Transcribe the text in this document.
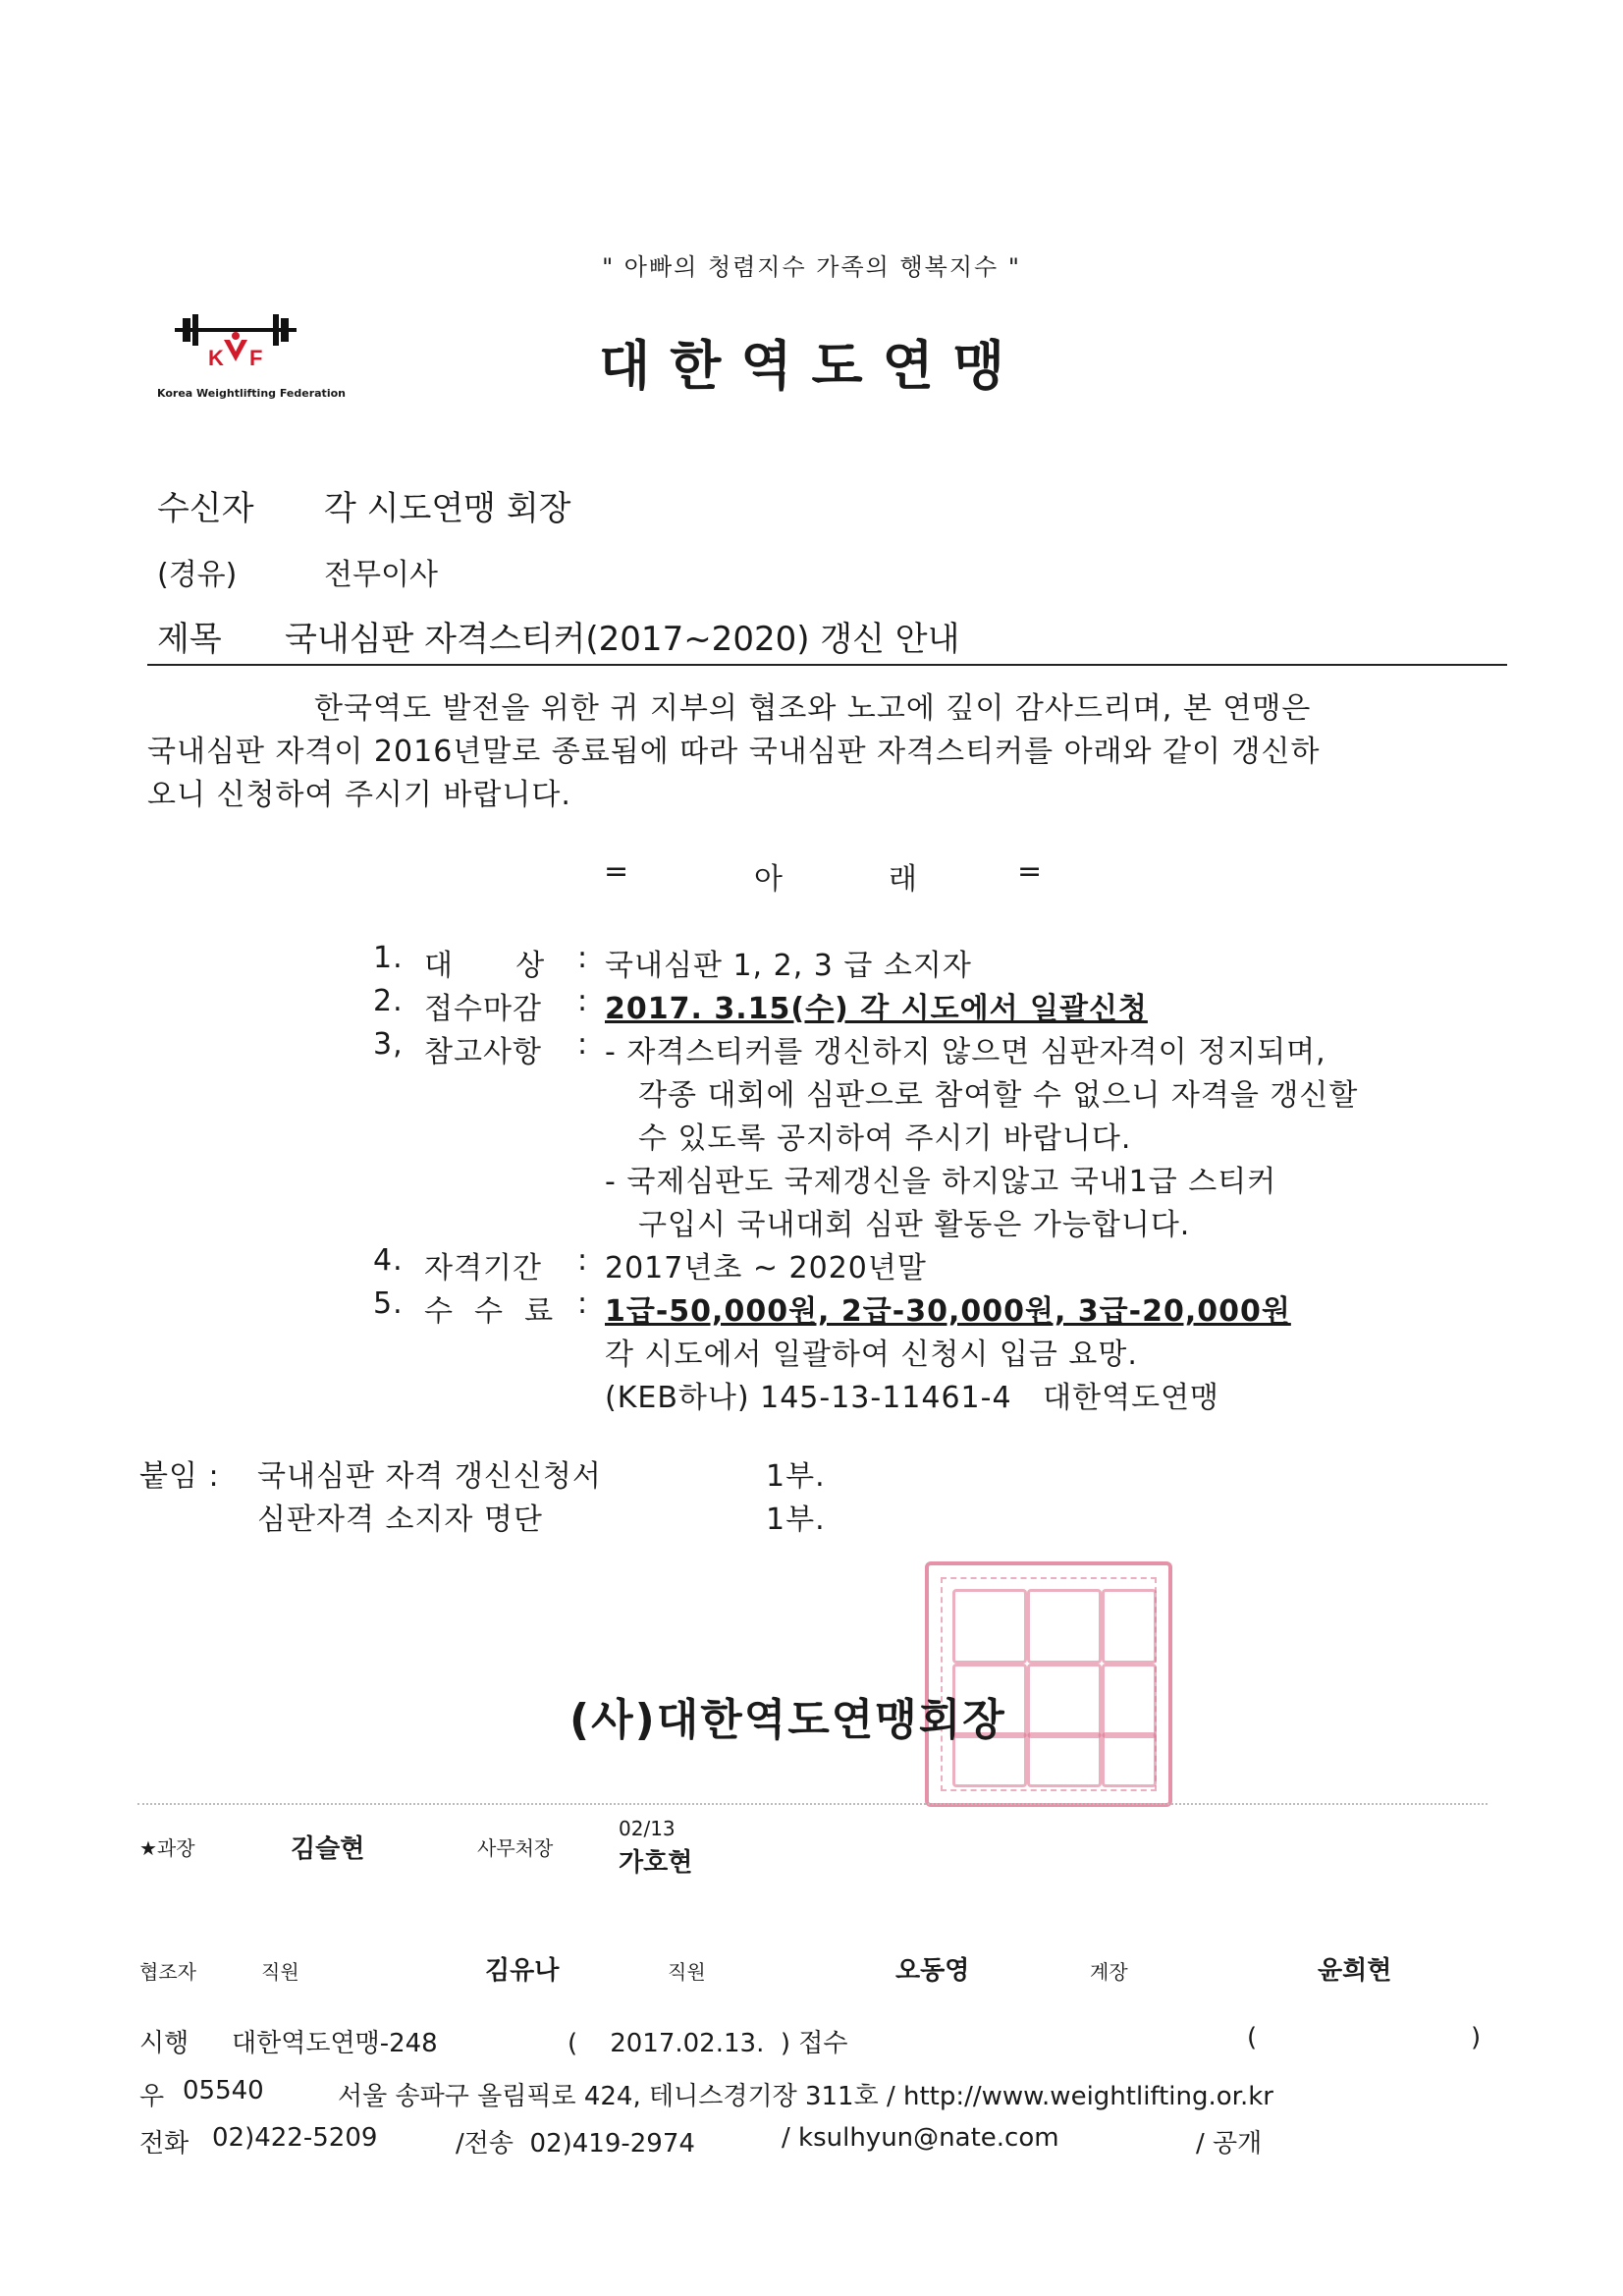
" 아빠의 청렴지수 가족의 행복지수 "
K F
Korea Weightlifting Federation	대한역도연맹
수신자 각 시도연맹 회장
(경유)	전무이사
제목 국내심판 자격스티커(2017~2020) 갱신 안내
한국역도 발전을 위한 귀 지부의 협조와 노고에 깊이 감사드리며, 본 연맹은
국내심판 자격이 2016년말로 종료됨에 따라 국내심판 자격스티커를 아래와 같이 갱신하
오니 신청하여 주시기 바랍니다.
=	아	래	=
1. 대      상 : 국내심판 1, 2, 3 급 소지자
2. 접수마감 : 2017. 3.15(수) 각 시도에서 일괄신청
3, 참고사항 : - 자격스티커를 갱신하지 않으면 심판자격이 정지되며,
각종 대회에 심판으로 참여할 수 없으니 자격을 갱신할
수 있도록 공지하여 주시기 바랍니다.
- 국제심판도 국제갱신을 하지않고 국내1급 스티커
구입시 국내대회 심판 활동은 가능합니다.
4. 자격기간 : 2017년초 ~ 2020년말
5. 수  수  료 : 1급-50,000원, 2급-30,000원, 3급-20,000원
각 시도에서 일괄하여 신청시 입금 요망.
(KEB하나) 145-13-11461-4   대한역도연맹
붙임 : 국내심판 자격 갱신신청서	1부.
심판자격 소지자 명단	1부.
(사)대한역도연맹회장
★과장	김슬현	사무처장
02/13
가호현
협조자	직원	김유나	직원	오동영	계장	윤희현
시행 대한역도연맹-248	(    2017.02.13.  ) 접수	(	)
우 05540	서울 송파구 올림픽로 424, 테니스경기장 311호 / http://www.weightlifting.or.kr
전화 02)422-5209	/전송  02)419-2974	/ ksulhyun@nate.com	/ 공개
